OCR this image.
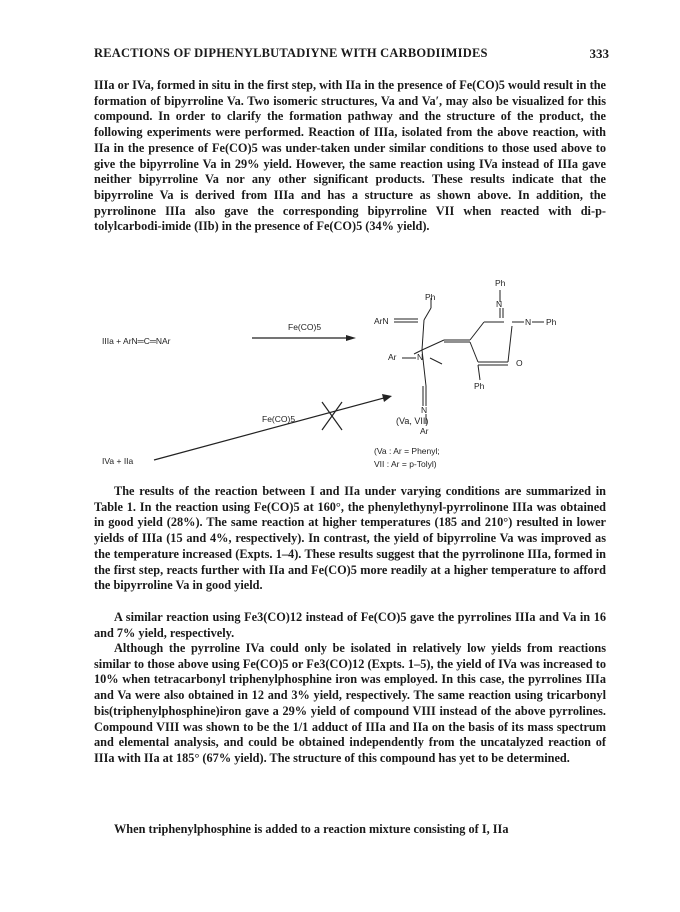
REACTIONS OF DIPHENYLBUTADIYNE WITH CARBODIIMIDES	333

IIIa or IVa, formed in situ in the first step, with IIa in the presence of Fe(CO)5 would result in the formation of bipyrroline Va. Two isomeric structures, Va and Va′, may also be visualized for this compound. In order to clarify the formation pathway and the structure of the product, the following experiments were performed. Reaction of IIIa, isolated from the above reaction, with IIa in the presence of Fe(CO)5 was under-taken under similar conditions to those used above to give the bipyrroline Va in 29% yield. However, the same reaction using IVa instead of IIIa gave neither bipyrroline Va nor any other significant products. These results indicate that the bipyrroline Va is derived from IIIa and has a structure as shown above. In addition, the pyrrolinone IIIa also gave the corresponding bipyrroline VII when reacted with di-p-tolylcarbodi-imide (IIb) in the presence of Fe(CO)5 (34% yield).

IIIa + ArN═C═NAr
Fe(CO)5
Ph
Ph
N
ArN	N Ph
Ar N
O
Ph
N
Ar
IVa + IIa
Fe(CO)5	(Va, VII)
(Va : Ar = Phenyl;
VII : Ar = p-Tolyl)

The results of the reaction between I and IIa under varying conditions are summarized in Table 1. In the reaction using Fe(CO)5 at 160°, the phenylethynyl-pyrrolinone IIIa was obtained in good yield (28%). The same reaction at higher temperatures (185 and 210°) resulted in lower yields of IIIa (15 and 4%, respectively). In contrast, the yield of bipyrroline Va was improved as the temperature increased (Expts. 1–4). These results suggest that the pyrrolinone IIIa, formed in the first step, reacts further with IIa and Fe(CO)5 more readily at a higher temperature to afford the bipyrroline Va in good yield.

A similar reaction using Fe3(CO)12 instead of Fe(CO)5 gave the pyrrolines IIIa and Va in 16 and 7% yield, respectively.

Although the pyrroline IVa could only be isolated in relatively low yields from reactions similar to those above using Fe(CO)5 or Fe3(CO)12 (Expts. 1–5), the yield of IVa was increased to 10% when tetracarbonyl triphenylphosphine iron was employed. In this case, the pyrrolines IIIa and Va were also obtained in 12 and 3% yield, respectively. The same reaction using tricarbonyl bis(triphenylphosphine)iron gave a 29% yield of compound VIII instead of the above pyrrolines. Compound VIII was shown to be the 1/1 adduct of IIIa and IIa on the basis of its mass spectrum and elemental analysis, and could be obtained independently from the uncatalyzed reaction of IIIa with IIa at 185° (67% yield). The structure of this compound has yet to be determined.

When triphenylphosphine is added to a reaction mixture consisting of I, IIa
